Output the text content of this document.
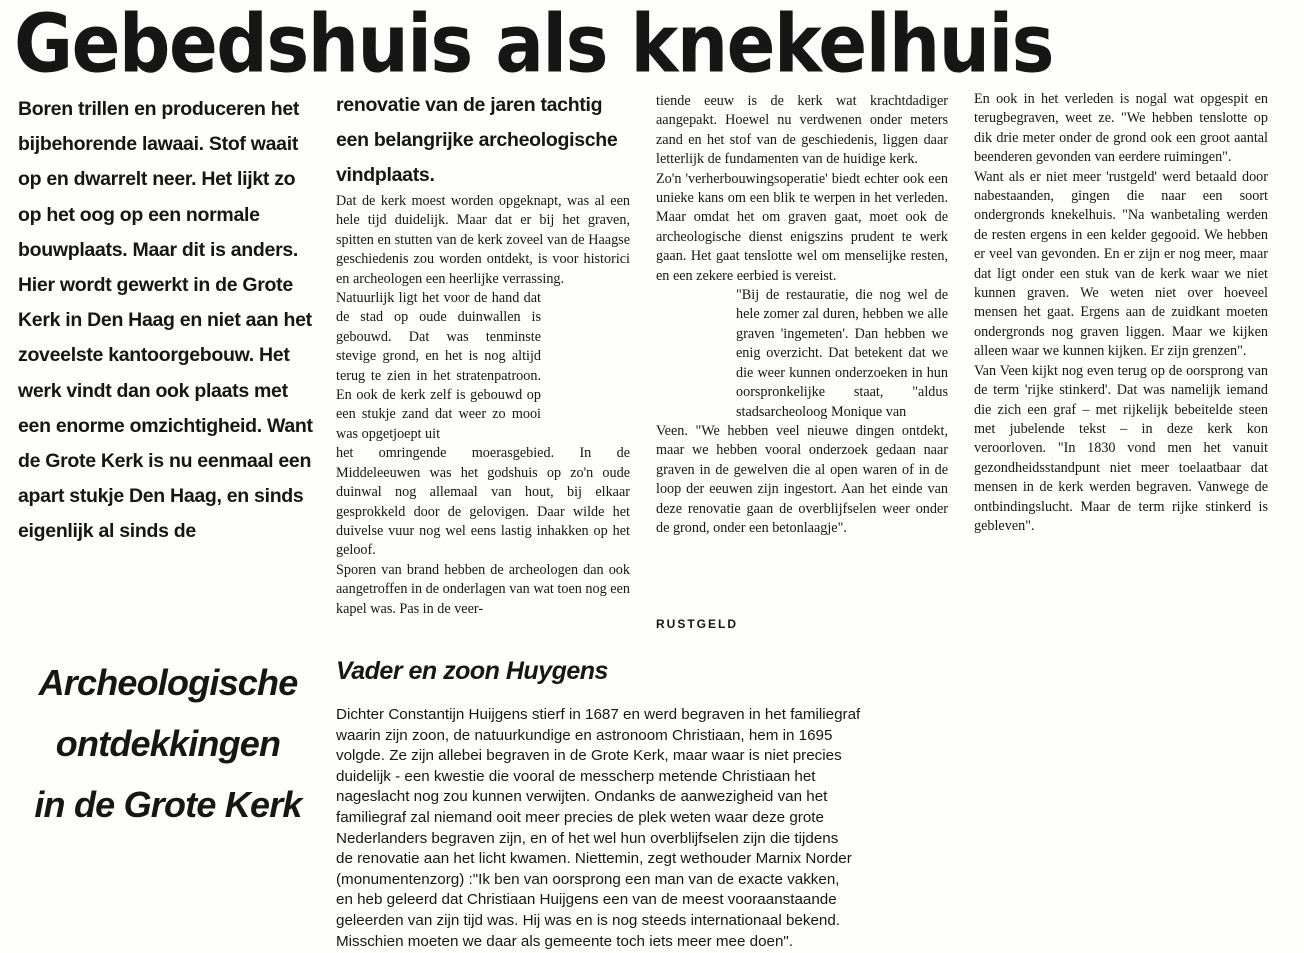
Gebedshuis als knekelhuis

Boren trillen en produceren het bijbehorende lawaai. Stof waait op en dwarrelt neer. Het lijkt zo op het oog op een normale bouwplaats. Maar dit is anders. Hier wordt gewerkt in de Grote Kerk in Den Haag en niet aan het zoveelste kantoorgebouw. Het werk vindt dan ook plaats met een enorme omzichtigheid. Want de Grote Kerk is nu eenmaal een apart stukje Den Haag, en sinds eigenlijk al sinds de

renovatie van de jaren tachtig een belangrijke archeologische vindplaats.

Dat de kerk moest worden opgeknapt, was al een hele tijd duidelijk. Maar dat er bij het graven, spitten en stutten van de kerk zoveel van de Haagse geschiedenis zou worden ontdekt, is voor historici en archeologen een heerlijke verrassing.

Natuurlijk ligt het voor de hand dat de stad op oude duinwallen is gebouwd. Dat was tenminste stevige grond, en het is nog altijd terug te zien in het stratenpatroon. En ook de kerk zelf is gebouwd op een stukje zand dat weer zo mooi was opgetjoept uit

het omringende moerasgebied. In de Middeleeuwen was het godshuis op zo'n oude duinwal nog allemaal van hout, bij elkaar gesprokkeld door de gelovigen. Daar wilde het duivelse vuur nog wel eens lastig inhakken op het geloof.

Sporen van brand hebben de archeologen dan ook aangetroffen in de onderlagen van wat toen nog een kapel was. Pas in de veer-

tiende eeuw is de kerk wat krachtdadiger aangepakt. Hoewel nu verdwenen onder meters zand en het stof van de geschiedenis, liggen daar letterlijk de fundamenten van de huidige kerk.

Zo'n 'verherbouwingsoperatie' biedt echter ook een unieke kans om een blik te werpen in het verleden. Maar omdat het om graven gaat, moet ook de archeologische dienst enigszins prudent te werk gaan. Het gaat tenslotte wel om menselijke resten, en een zekere eerbied is vereist.

"Bij de restauratie, die nog wel de hele zomer zal duren, hebben we alle graven 'ingemeten'. Dan hebben we enig overzicht. Dat betekent dat we die weer kunnen onderzoeken in hun oorspronkelijke staat, "aldus stadsarcheoloog Monique van

Veen. "We hebben veel nieuwe dingen ontdekt, maar we hebben vooral onderzoek gedaan naar graven in de gewelven die al open waren of in de loop der eeuwen zijn ingestort. Aan het einde van deze renovatie gaan de overblijfselen weer onder de grond, onder een betonlaagje".

RUSTGELD

En ook in het verleden is nogal wat opgespit en terugbegraven, weet ze. "We hebben tenslotte op dik drie meter onder de grond ook een groot aantal beenderen gevonden van eerdere ruimingen".

Want als er niet meer 'rustgeld' werd betaald door nabestaanden, gingen die naar een soort ondergronds knekelhuis. "Na wanbetaling werden de resten ergens in een kelder gegooid. We hebben er veel van gevonden. En er zijn er nog meer, maar dat ligt onder een stuk van de kerk waar we niet kunnen graven. We weten niet over hoeveel mensen het gaat. Ergens aan de zuidkant moeten ondergronds nog graven liggen. Maar we kijken alleen waar we kunnen kijken. Er zijn grenzen".

Van Veen kijkt nog even terug op de oorsprong van de term 'rijke stinkerd'. Dat was namelijk iemand die zich een graf – met rijkelijk bebeitelde steen met jubelende tekst – in deze kerk kon veroorloven. "In 1830 vond men het vanuit gezondheidsstandpunt niet meer toelaatbaar dat mensen in de kerk werden begraven. Vanwege de ontbindingslucht. Maar de term rijke stinkerd is gebleven".

Archeologische
ontdekkingen
in de Grote Kerk
Vader en zoon Huygens
Dichter Constantijn Huijgens stierf in 1687 en werd begraven in het familiegraf
waarin zijn zoon, de natuurkundige en astronoom Christiaan, hem in 1695
volgde. Ze zijn allebei begraven in de Grote Kerk, maar waar is niet precies
duidelijk - een kwestie die vooral de messcherp metende Christiaan het
nageslacht nog zou kunnen verwijten. Ondanks de aanwezigheid van het
familiegraf zal niemand ooit meer precies de plek weten waar deze grote
Nederlanders begraven zijn, en of het wel hun overblijfselen zijn die tijdens
de renovatie aan het licht kwamen. Niettemin, zegt wethouder Marnix Norder
(monumentenzorg) :"Ik ben van oorsprong een man van de exacte vakken,
en heb geleerd dat Christiaan Huijgens een van de meest vooraanstaande
geleerden van zijn tijd was. Hij was en is nog steeds internationaal bekend.
Misschien moeten we daar als gemeente toch iets meer mee doen".
